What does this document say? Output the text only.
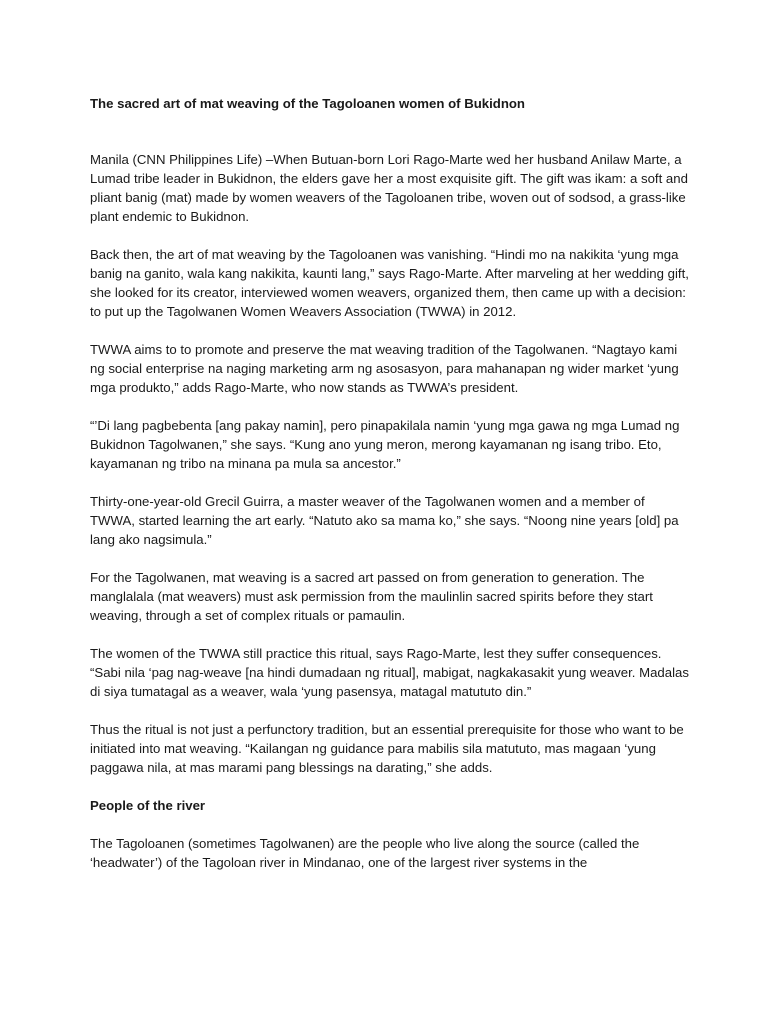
The sacred art of mat weaving of the Tagoloanen women of Bukidnon

Manila (CNN Philippines Life) –When Butuan-born Lori Rago-Marte wed her husband Anilaw Marte, a Lumad tribe leader in Bukidnon, the elders gave her a most exquisite gift. The gift was ikam: a soft and pliant banig (mat) made by women weavers of the Tagoloanen tribe, woven out of sodsod, a grass-like plant endemic to Bukidnon.

Back then, the art of mat weaving by the Tagoloanen was vanishing. “Hindi mo na nakikita ‘yung mga banig na ganito, wala kang nakikita, kaunti lang,” says Rago-Marte. After marveling at her wedding gift, she looked for its creator, interviewed women weavers, organized them, then came up with a decision: to put up the Tagolwanen Women Weavers Association (TWWA) in 2012.

TWWA aims to to promote and preserve the mat weaving tradition of the Tagolwanen. “Nagtayo kami ng social enterprise na naging marketing arm ng asosasyon, para mahanapan ng wider market ‘yung mga produkto,” adds Rago-Marte, who now stands as TWWA’s president.

“’Di lang pagbebenta [ang pakay namin], pero pinapakilala namin ‘yung mga gawa ng mga Lumad ng Bukidnon Tagolwanen,” she says. “Kung ano yung meron, merong kayamanan ng isang tribo. Eto, kayamanan ng tribo na minana pa mula sa ancestor.”

Thirty-one-year-old Grecil Guirra, a master weaver of the Tagolwanen women and a member of TWWA, started learning the art early. “Natuto ako sa mama ko,” she says. “Noong nine years [old] pa lang ako nagsimula.”

For the Tagolwanen, mat weaving is a sacred art passed on from generation to generation. The manglalala (mat weavers) must ask permission from the maulinlin sacred spirits before they start weaving, through a set of complex rituals or pamaulin.

The women of the TWWA still practice this ritual, says Rago-Marte, lest they suffer consequences. “Sabi nila ‘pag nag-weave [na hindi dumadaan ng ritual], mabigat, nagkakasakit yung weaver. Madalas di siya tumatagal as a weaver, wala ‘yung pasensya, matagal matututo din.”

Thus the ritual is not just a perfunctory tradition, but an essential prerequisite for those who want to be initiated into mat weaving. “Kailangan ng guidance para mabilis sila matututo, mas magaan ‘yung paggawa nila, at mas marami pang blessings na darating,” she adds.

People of the river

The Tagoloanen (sometimes Tagolwanen) are the people who live along the source (called the ‘headwater’) of the Tagoloan river in Mindanao, one of the largest river systems in the
